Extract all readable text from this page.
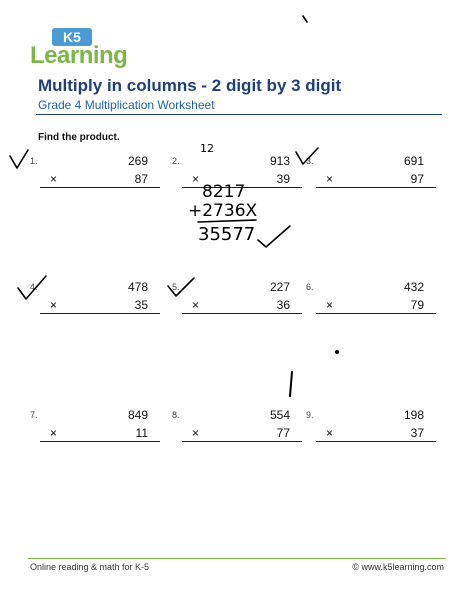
K5
Learning
Multiply in columns - 2 digit by 3 digit
Grade 4 Multiplication Worksheet
Find the product.
1.	269
×	87
2.	913
×	39
3.	691
×	97
4.	478
×	35
5.	227
×	36
6.	432
×	79
7.	849
×	11
8.	554
×	77
9.	198
×	37
12
8217
+2736X
35577
Online reading & math for K-5	© www.k5learning.com
